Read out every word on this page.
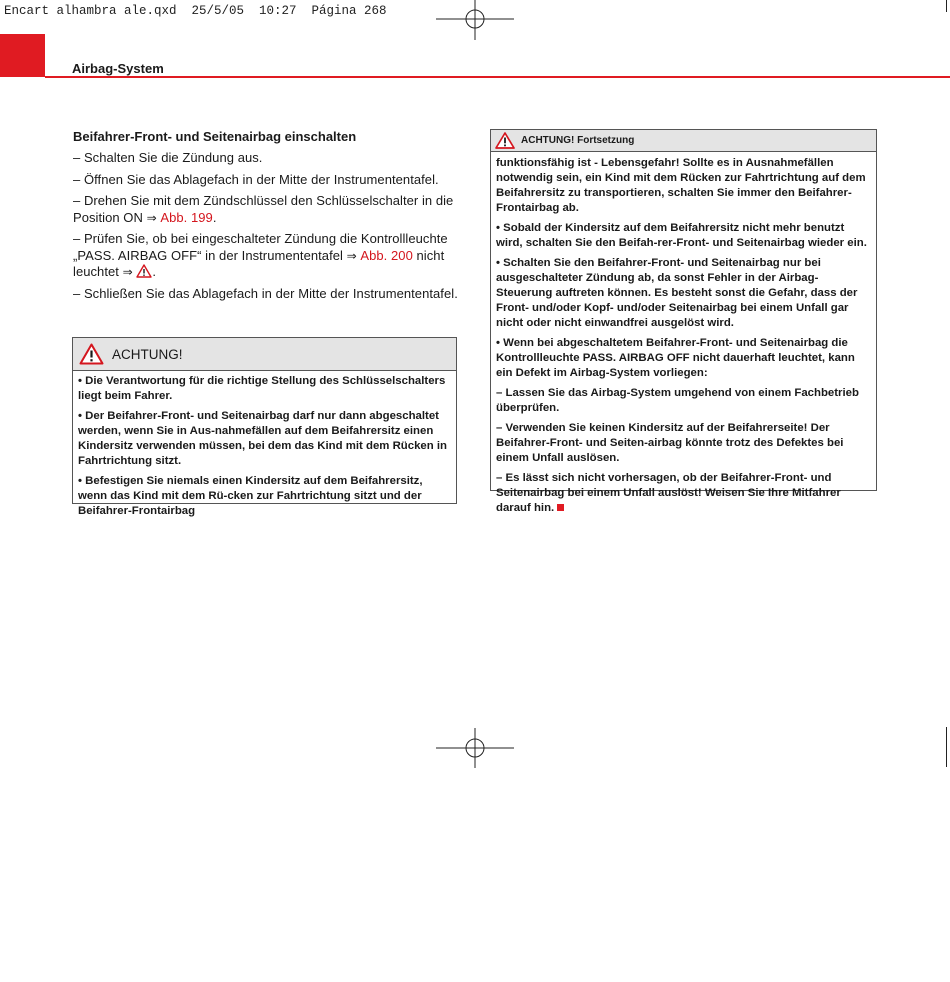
Encart alhambra ale.qxd  25/5/05  10:27  Página 268
Airbag-System
Beifahrer-Front- und Seitenairbag einschalten
– Schalten Sie die Zündung aus.
– Öffnen Sie das Ablagefach in der Mitte der Instrumententafel.
– Drehen Sie mit dem Zündschlüssel den Schlüsselschalter in die Position ON ⇒ Abb. 199.
– Prüfen Sie, ob bei eingeschalteter Zündung die Kontrollleuchte „PASS. AIRBAG OFF“ in der Instrumententafel ⇒ Abb. 200 nicht leuchtet ⇒ .
– Schließen Sie das Ablagefach in der Mitte der Instrumententafel.
ACHTUNG!

• Die Verantwortung für die richtige Stellung des Schlüsselschalters liegt beim Fahrer.

• Der Beifahrer-Front- und Seitenairbag darf nur dann abgeschaltet werden, wenn Sie in Aus-nahmefällen auf dem Beifahrersitz einen Kindersitz verwenden müssen, bei dem das Kind mit dem Rücken in Fahrtrichtung sitzt.

• Befestigen Sie niemals einen Kindersitz auf dem Beifahrersitz, wenn das Kind mit dem Rü-cken zur Fahrtrichtung sitzt und der Beifahrer-Frontairbag

ACHTUNG! Fortsetzung

funktionsfähig ist - Lebensgefahr! Sollte es in Ausnahmefällen notwendig sein, ein Kind mit dem Rücken zur Fahrtrichtung auf dem Beifahrersitz zu transportieren, schalten Sie immer den Beifahrer-Frontairbag ab.

• Sobald der Kindersitz auf dem Beifahrersitz nicht mehr benutzt wird, schalten Sie den Beifah-rer-Front- und Seitenairbag wieder ein.

• Schalten Sie den Beifahrer-Front- und Seitenairbag nur bei ausgeschalteter Zündung ab, da sonst Fehler in der Airbag-Steuerung auftreten können. Es besteht sonst die Gefahr, dass der Front- und/oder Kopf- und/oder Seitenairbag bei einem Unfall gar nicht oder nicht einwandfrei ausgelöst wird.

• Wenn bei abgeschaltetem Beifahrer-Front- und Seitenairbag die Kontrollleuchte PASS. AIRBAG OFF nicht dauerhaft leuchtet, kann ein Defekt im Airbag-System vorliegen:

– Lassen Sie das Airbag-System umgehend von einem Fachbetrieb überprüfen.

– Verwenden Sie keinen Kindersitz auf der Beifahrerseite! Der Beifahrer-Front- und Seiten-airbag könnte trotz des Defektes bei einem Unfall auslösen.

– Es lässt sich nicht vorhersagen, ob der Beifahrer-Front- und Seitenairbag bei einem Unfall auslöst! Weisen Sie Ihre Mitfahrer darauf hin.
